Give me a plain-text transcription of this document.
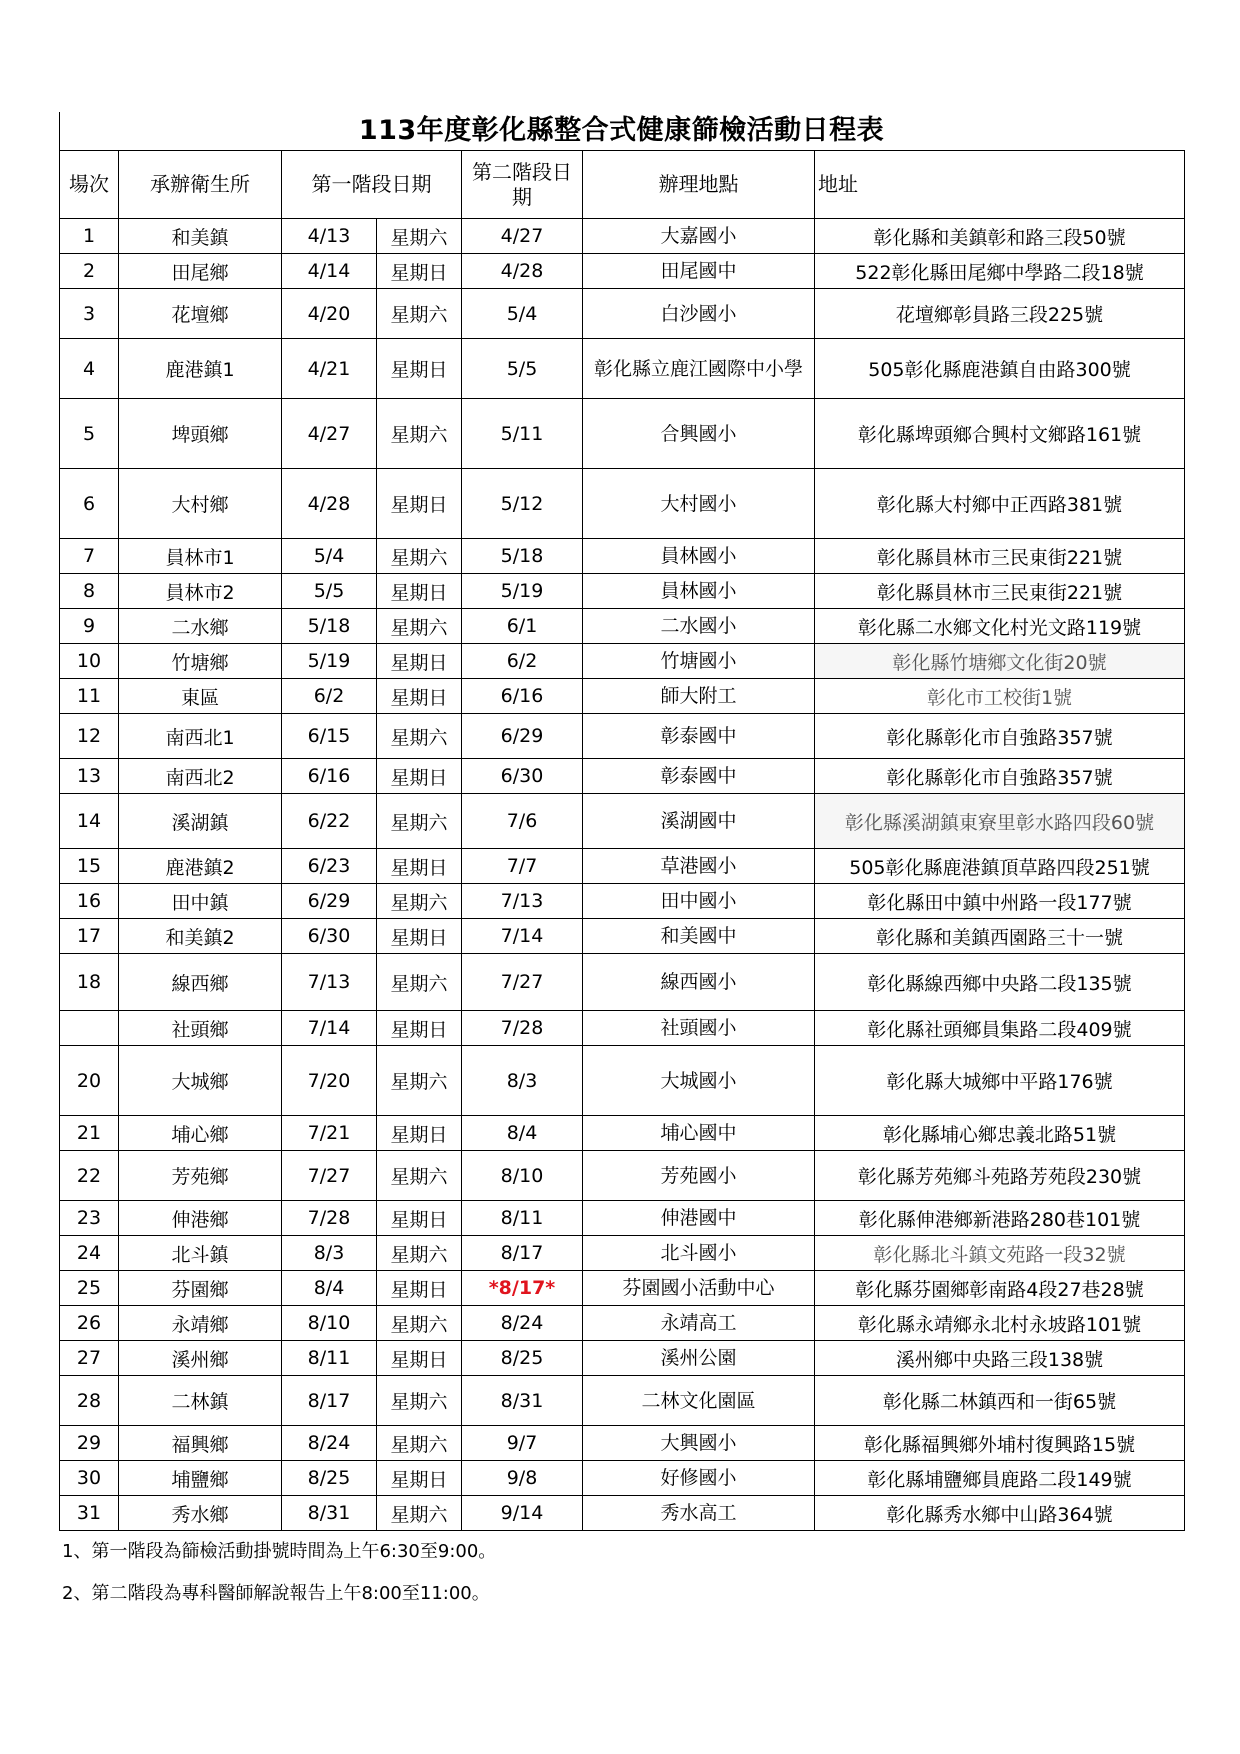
113年度彰化縣整合式健康篩檢活動日程表
場次	承辦衛生所	第一階段日期		第二階段日期	辦理地點	地址
1	和美鎮	4/13	星期六	4/27	大嘉國小	彰化縣和美鎮彰和路三段50號
2	田尾鄉	4/14	星期日	4/28	田尾國中	522彰化縣田尾鄉中學路二段18號
3	花壇鄉	4/20	星期六	5/4	白沙國小	花壇鄉彰員路三段225號
4	鹿港鎮1	4/21	星期日	5/5	彰化縣立鹿江國際中小學	505彰化縣鹿港鎮自由路300號
5	埤頭鄉	4/27	星期六	5/11	合興國小	彰化縣埤頭鄉合興村文鄉路161號
6	大村鄉	4/28	星期日	5/12	大村國小	彰化縣大村鄉中正西路381號
7	員林市1	5/4	星期六	5/18	員林國小	彰化縣員林市三民東街221號
8	員林市2	5/5	星期日	5/19	員林國小	彰化縣員林市三民東街221號
9	二水鄉	5/18	星期六	6/1	二水國小	彰化縣二水鄉文化村光文路119號
10	竹塘鄉	5/19	星期日	6/2	竹塘國小	彰化縣竹塘鄉文化街20號
11	東區	6/2	星期日	6/16	師大附工	彰化市工校街1號
12	南西北1	6/15	星期六	6/29	彰泰國中	彰化縣彰化市自強路357號
13	南西北2	6/16	星期日	6/30	彰泰國中	彰化縣彰化市自強路357號
14	溪湖鎮	6/22	星期六	7/6	溪湖國中	彰化縣溪湖鎮東寮里彰水路四段60號
15	鹿港鎮2	6/23	星期日	7/7	草港國小	505彰化縣鹿港鎮頂草路四段251號
16	田中鎮	6/29	星期六	7/13	田中國小	彰化縣田中鎮中州路一段177號
17	和美鎮2	6/30	星期日	7/14	和美國中	彰化縣和美鎮西園路三十一號
18	線西鄉	7/13	星期六	7/27	線西國小	彰化縣線西鄉中央路二段135號
	社頭鄉	7/14	星期日	7/28	社頭國小	彰化縣社頭鄉員集路二段409號
20	大城鄉	7/20	星期六	8/3	大城國小	彰化縣大城鄉中平路176號
21	埔心鄉	7/21	星期日	8/4	埔心國中	彰化縣埔心鄉忠義北路51號
22	芳苑鄉	7/27	星期六	8/10	芳苑國小	彰化縣芳苑鄉斗苑路芳苑段230號
23	伸港鄉	7/28	星期日	8/11	伸港國中	彰化縣伸港鄉新港路280巷101號
24	北斗鎮	8/3	星期六	8/17	北斗國小	彰化縣北斗鎮文苑路一段32號
25	芬園鄉	8/4	星期日	*8/17*	芬園國小活動中心	彰化縣芬園鄉彰南路4段27巷28號
26	永靖鄉	8/10	星期六	8/24	永靖高工	彰化縣永靖鄉永北村永坡路101號
27	溪州鄉	8/11	星期日	8/25	溪州公園	溪州鄉中央路三段138號
28	二林鎮	8/17	星期六	8/31	二林文化園區	彰化縣二林鎮西和一街65號
29	福興鄉	8/24	星期六	9/7	大興國小	彰化縣福興鄉外埔村復興路15號
30	埔鹽鄉	8/25	星期日	9/8	好修國小	彰化縣埔鹽鄉員鹿路二段149號
31	秀水鄉	8/31	星期六	9/14	秀水高工	彰化縣秀水鄉中山路364號
1、第一階段為篩檢活動掛號時間為上午6:30至9:00。
2、第二階段為專科醫師解說報告上午8:00至11:00。
